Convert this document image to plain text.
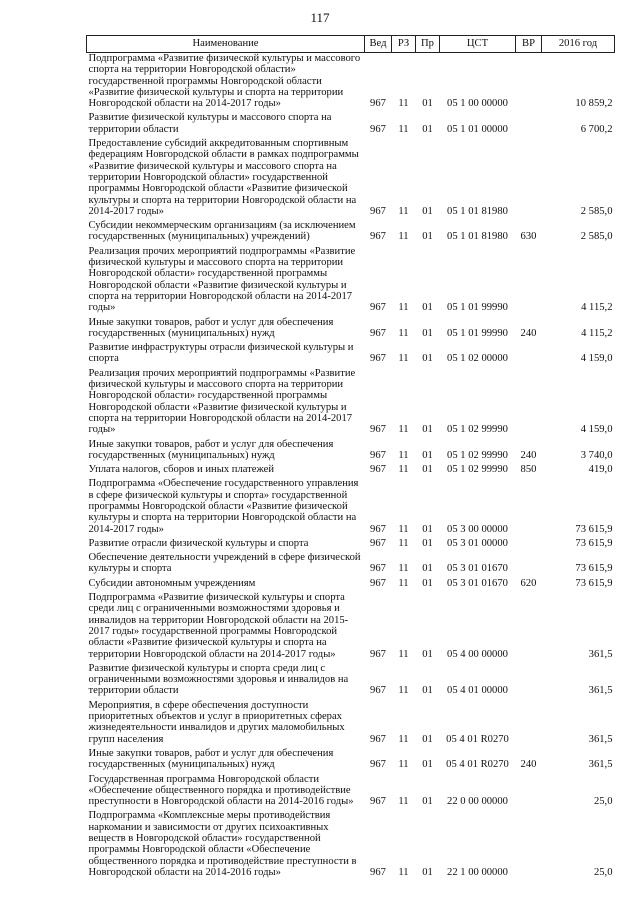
117
Наименование	Вед	РЗ	Пр	ЦСТ	ВР	2016 год
Подпрограмма «Развитие физической культуры и массового спорта на территории Новгородской области» государственной программы Новгородской области «Развитие физической культуры и спорта на территории Новгородской области на 2014-2017 годы»	967	11	01	05 1 00 00000		10 859,2
Развитие физической культуры и массового спорта на территории области	967	11	01	05 1 01 00000		6 700,2
Предоставление субсидий аккредитованным спортивным федерациям Новгородской области в рамках подпрограммы «Развитие физической культуры и массового спорта на территории Новгородской области» государственной программы Новгородской области «Развитие физической культуры и спорта на территории Новгородской области на 2014-2017 годы»	967	11	01	05 1 01 81980		2 585,0
Субсидии некоммерческим организациям (за исключением государственных (муниципальных) учреждений)	967	11	01	05 1 01 81980	630	2 585,0
Реализация прочих мероприятий подпрограммы «Развитие физической культуры и массового спорта на территории Новгородской области» государственной программы Новгородской области «Развитие физической культуры и спорта на территории Новгородской области на 2014-2017 годы»	967	11	01	05 1 01 99990		4 115,2
Иные закупки товаров, работ и услуг для обеспечения государственных (муниципальных) нужд	967	11	01	05 1 01 99990	240	4 115,2
Развитие инфраструктуры отрасли физической культуры и спорта	967	11	01	05 1 02 00000		4 159,0
Реализация прочих мероприятий подпрограммы «Развитие физической культуры и массового спорта на территории Новгородской области» государственной программы Новгородской области «Развитие физической культуры и спорта на территории Новгородской области на 2014-2017 годы»	967	11	01	05 1 02 99990		4 159,0
Иные закупки товаров, работ и услуг для обеспечения государственных (муниципальных) нужд	967	11	01	05 1 02 99990	240	3 740,0
Уплата налогов, сборов и иных платежей	967	11	01	05 1 02 99990	850	419,0
Подпрограмма «Обеспечение государственного управления в сфере физической культуры и спорта» государственной программы Новгородской области «Развитие физической культуры и спорта на территории Новгородской области на 2014-2017 годы»	967	11	01	05 3 00 00000		73 615,9
Развитие отрасли физической культуры и спорта	967	11	01	05 3 01 00000		73 615,9
Обеспечение деятельности учреждений в сфере физической культуры и спорта	967	11	01	05 3 01 01670		73 615,9
Субсидии автономным учреждениям	967	11	01	05 3 01 01670	620	73 615,9
Подпрограмма «Развитие физической культуры и спорта среди лиц с ограниченными возможностями здоровья и инвалидов на территории Новгородской области на 2015-2017 годы» государственной программы Новгородской области «Развитие физической культуры и спорта на территории Новгородской области на 2014-2017 годы»	967	11	01	05 4 00 00000		361,5
Развитие физической культуры и спорта среди лиц с ограниченными возможностями здоровья и инвалидов на территории области	967	11	01	05 4 01 00000		361,5
Мероприятия, в сфере обеспечения доступности приоритетных объектов и услуг в приоритетных сферах жизнедеятельности инвалидов и других маломобильных групп населения	967	11	01	05 4 01 R0270		361,5
Иные закупки товаров, работ и услуг для обеспечения государственных (муниципальных) нужд	967	11	01	05 4 01 R0270	240	361,5
Государственная программа Новгородской области «Обеспечение общественного порядка и противодействие преступности в Новгородской области на 2014-2016 годы»	967	11	01	22 0 00 00000		25,0
Подпрограмма «Комплексные меры противодействия наркомании и зависимости от других психоактивных веществ в Новгородской области» государственной программы Новгородской области «Обеспечение общественного порядка и противодействие преступности в Новгородской области на 2014-2016 годы»	967	11	01	22 1 00 00000		25,0
